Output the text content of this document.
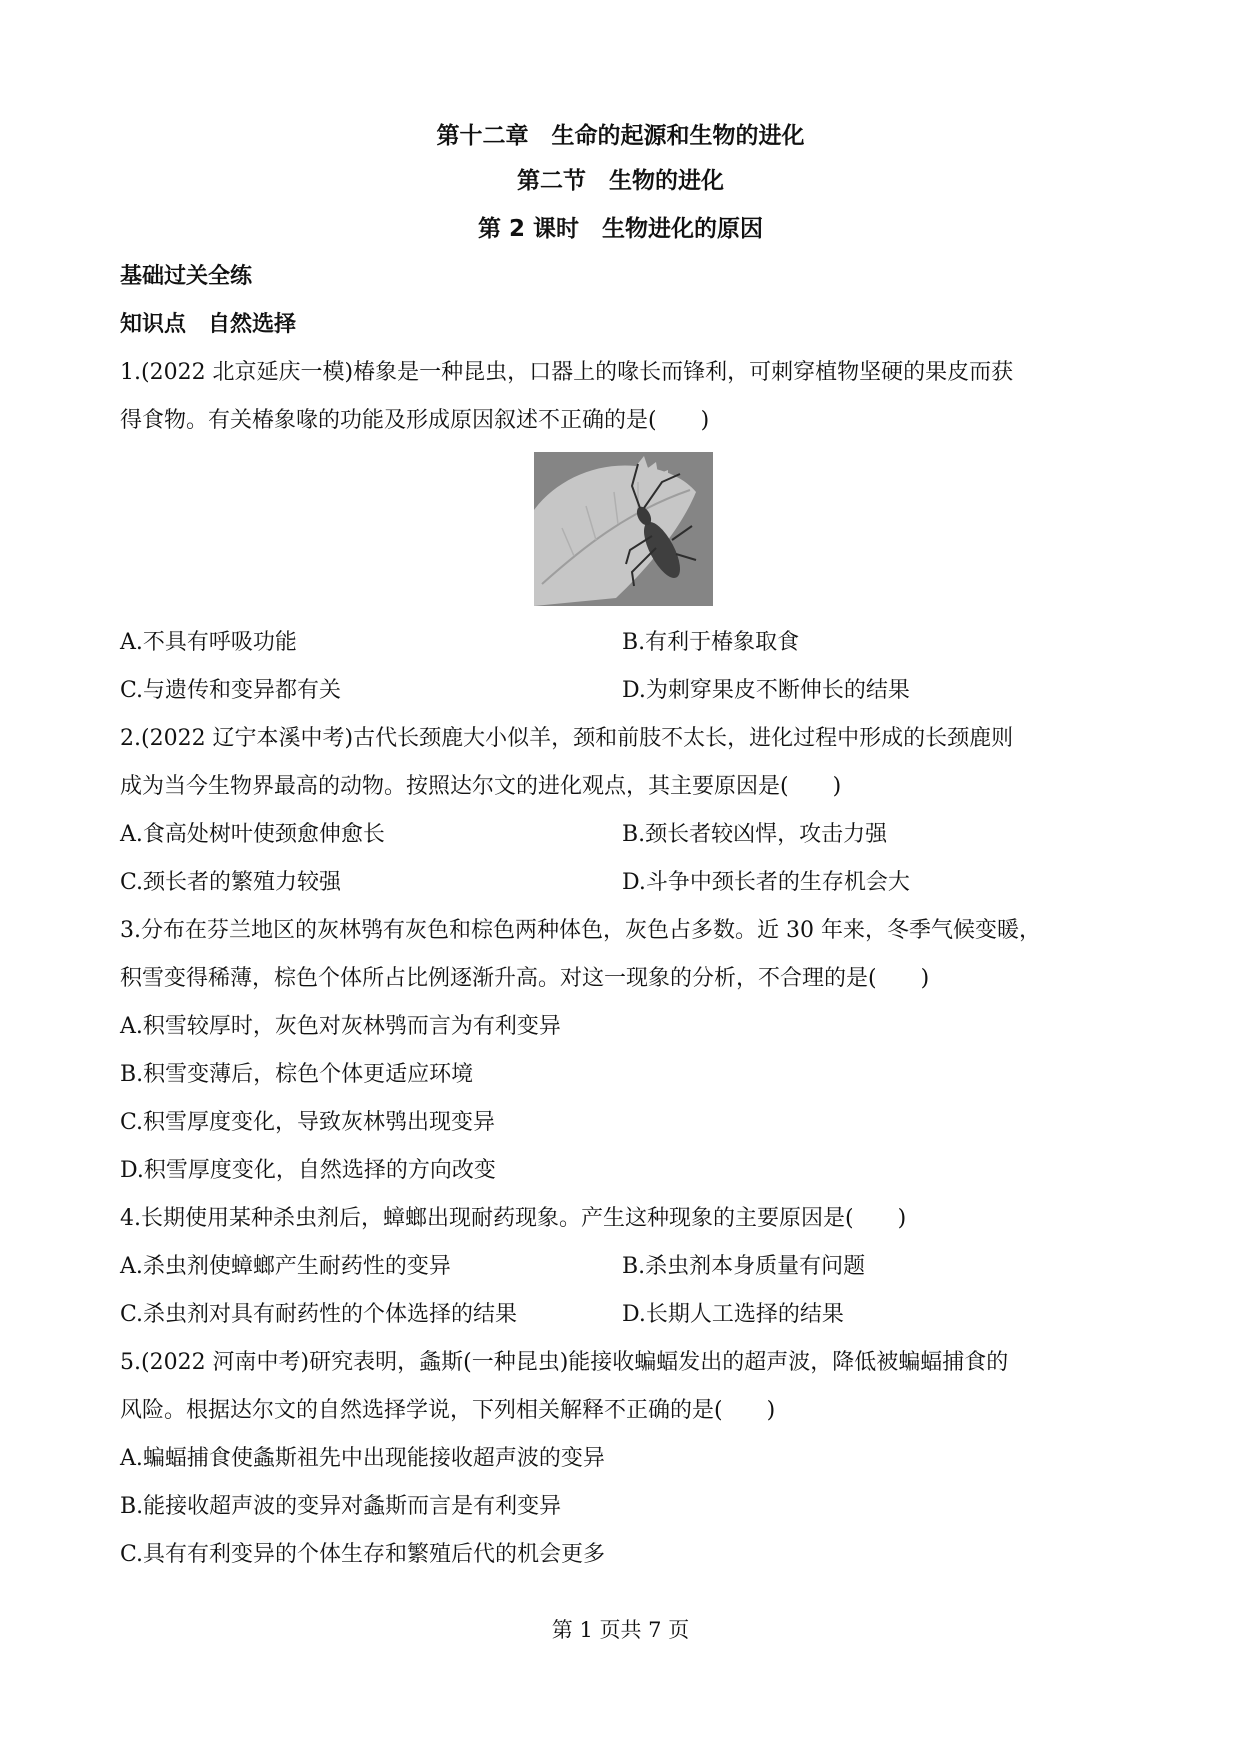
第十二章　生命的起源和生物的进化
第二节　生物的进化
第 2 课时　生物进化的原因
基础过关全练
知识点　自然选择
1.(2022 北京延庆一模)椿象是一种昆虫，口器上的喙长而锋利，可刺穿植物坚硬的果皮而获
得食物。有关椿象喙的功能及形成原因叙述不正确的是(　　)
A.不具有呼吸功能	B.有利于椿象取食
C.与遗传和变异都有关	D.为刺穿果皮不断伸长的结果
2.(2022 辽宁本溪中考)古代长颈鹿大小似羊，颈和前肢不太长，进化过程中形成的长颈鹿则
成为当今生物界最高的动物。按照达尔文的进化观点，其主要原因是(　　)
A.食高处树叶使颈愈伸愈长	B.颈长者较凶悍，攻击力强
C.颈长者的繁殖力较强	D.斗争中颈长者的生存机会大
3.分布在芬兰地区的灰林鸮有灰色和棕色两种体色，灰色占多数。近 30 年来，冬季气候变暖，
积雪变得稀薄，棕色个体所占比例逐渐升高。对这一现象的分析，不合理的是(　　)
A.积雪较厚时，灰色对灰林鸮而言为有利变异
B.积雪变薄后，棕色个体更适应环境
C.积雪厚度变化，导致灰林鸮出现变异
D.积雪厚度变化，自然选择的方向改变
4.长期使用某种杀虫剂后，蟑螂出现耐药现象。产生这种现象的主要原因是(　　)
A.杀虫剂使蟑螂产生耐药性的变异	B.杀虫剂本身质量有问题
C.杀虫剂对具有耐药性的个体选择的结果	D.长期人工选择的结果
5.(2022 河南中考)研究表明，螽斯(一种昆虫)能接收蝙蝠发出的超声波，降低被蝙蝠捕食的
风险。根据达尔文的自然选择学说，下列相关解释不正确的是(　　)
A.蝙蝠捕食使螽斯祖先中出现能接收超声波的变异
B.能接收超声波的变异对螽斯而言是有利变异
C.具有有利变异的个体生存和繁殖后代的机会更多
第 1 页共 7 页
